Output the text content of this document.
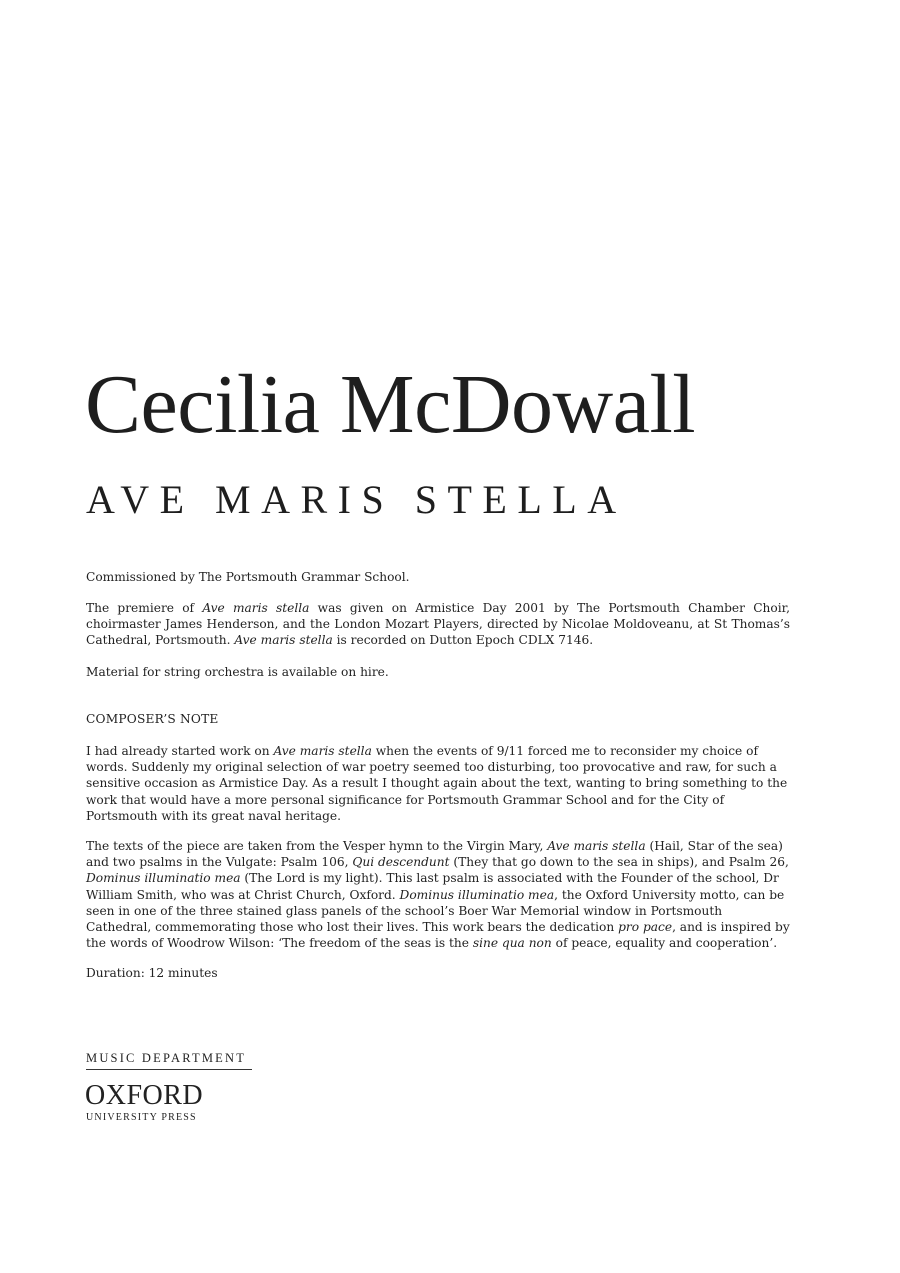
Cecilia McDowall
AVE MARIS STELLA

Commissioned by The Portsmouth Grammar School.

The premiere of Ave maris stella was given on Armistice Day 2001 by The Portsmouth Chamber Choir, choirmaster James Henderson, and the London Mozart Players, directed by Nicolae Moldoveanu, at St Thomas’s Cathedral, Portsmouth. Ave maris stella is recorded on Dutton Epoch CDLX 7146.

Material for string orchestra is available on hire.

COMPOSER’S NOTE

I had already started work on Ave maris stella when the events of 9/11 forced me to reconsider my choice of words. Suddenly my original selection of war poetry seemed too disturbing, too provocative and raw, for such a sensitive occasion as Armistice Day. As a result I thought again about the text, wanting to bring something to the work that would have a more personal significance for Portsmouth Grammar School and for the City of Portsmouth with its great naval heritage.

The texts of the piece are taken from the Vesper hymn to the Virgin Mary, Ave maris stella (Hail, Star of the sea) and two psalms in the Vulgate: Psalm 106, Qui descendunt (They that go down to the sea in ships), and Psalm 26, Dominus illuminatio mea (The Lord is my light). This last psalm is associated with the Founder of the school, Dr William Smith, who was at Christ Church, Oxford. Dominus illuminatio mea, the Oxford University motto, can be seen in one of the three stained glass panels of the school’s Boer War Memorial window in Portsmouth Cathedral, commemorating those who lost their lives. This work bears the dedication pro pace, and is inspired by the words of Woodrow Wilson: ‘The freedom of the seas is the sine qua non of peace, equality and cooperation’.

Duration: 12 minutes

MUSIC DEPARTMENT
OXFORD
UNIVERSITY PRESS
